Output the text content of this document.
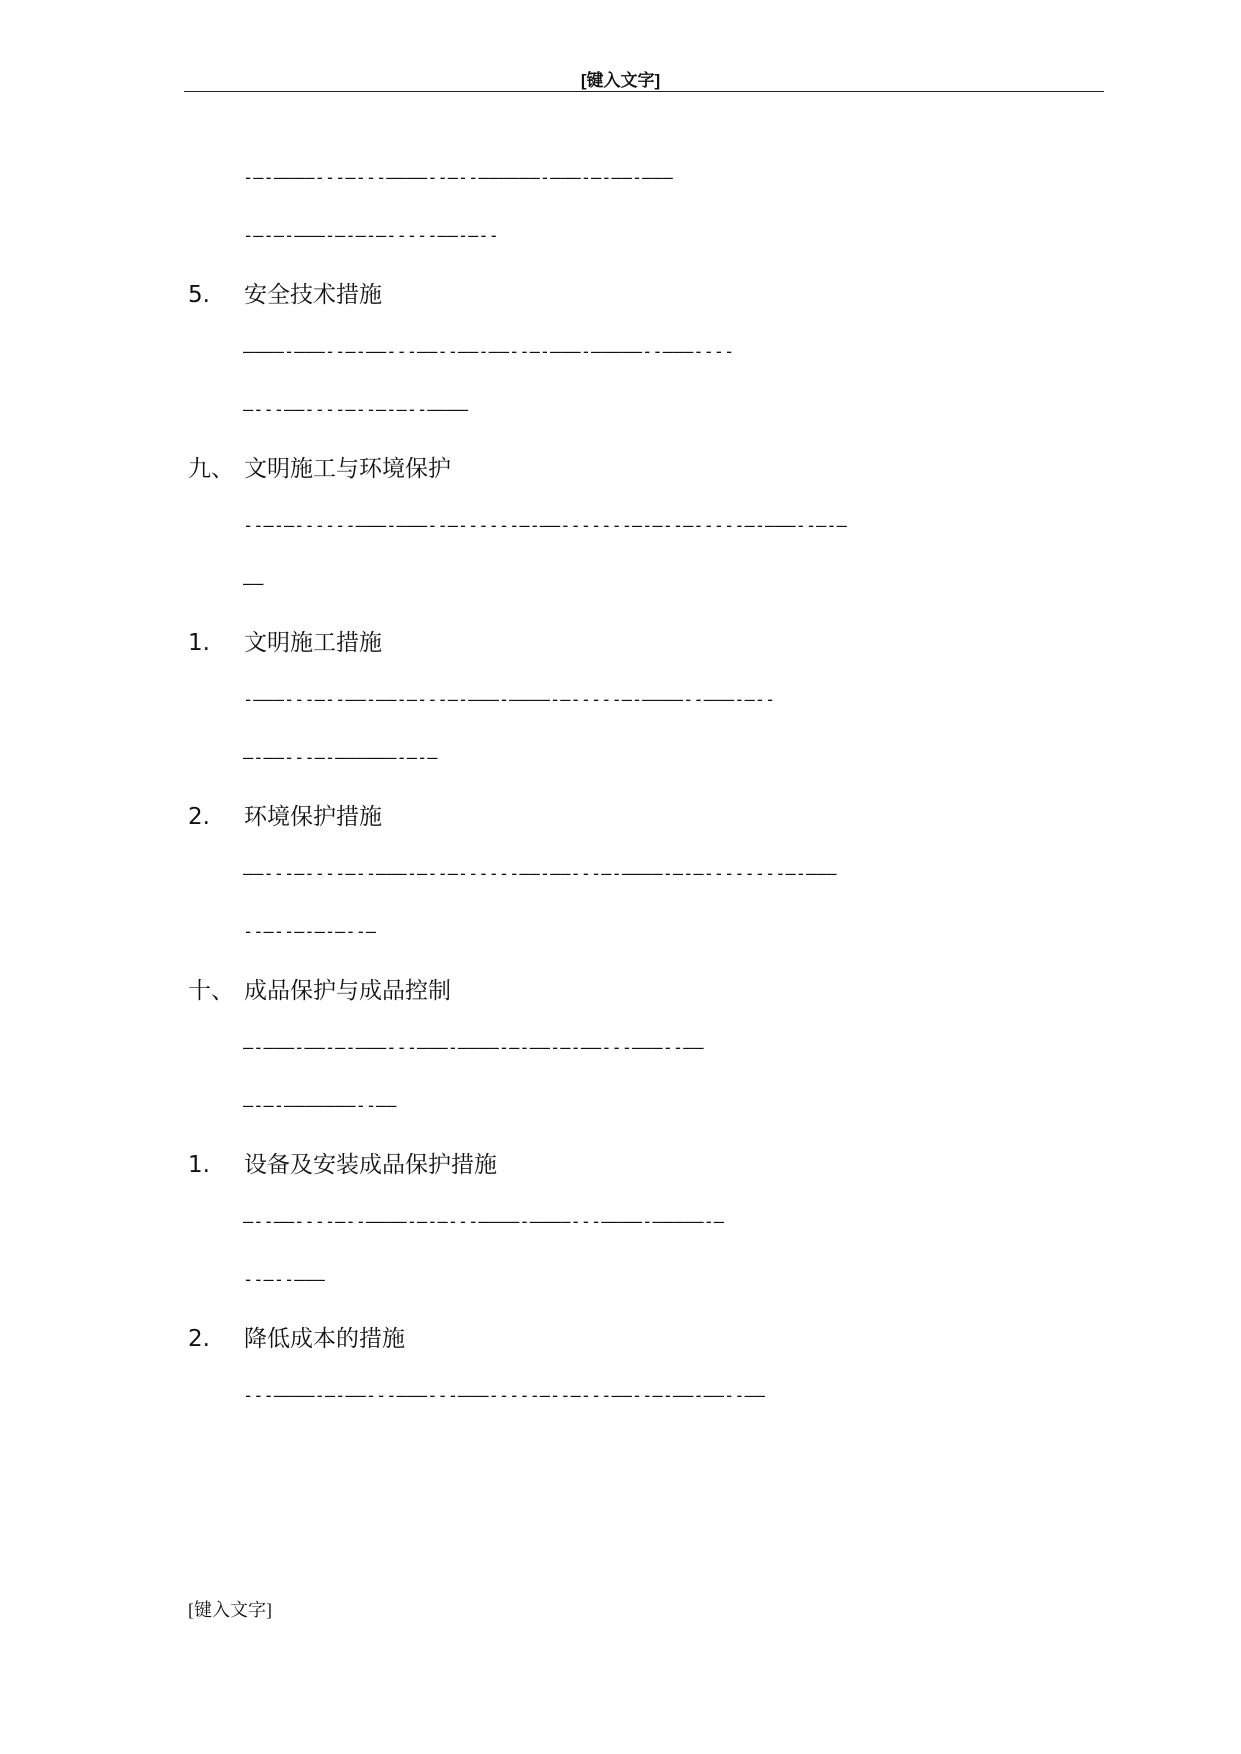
[键入文字]
-—-————---—---————--—--——————-———-—-——-———
-—-—-———-—-—-—-----——-—--
5. 安全技术措施
————-———--—-——---——--——-——--—-———-—————--———----
—---——----—--—-—--————
九、 文明施工与环境保护
--—-—------———-———--—------—-——-------—-—--—-----—-———--—-—
——
1. 文明施工措施
-———---—--——-——-—---—-———-————-—-----—-————--———-—--
—-——---—-——————-—-—
2. 环境保护措施
——---—----—--———-—--—------——-——---—-————-—-—--------—-———
--—--—-—-—--—
十、 成品保护与成品控制
—-———-——-—-———---———-————-—-——-—-——---———--——
—-—-———————--——
1. 设备及安装成品保护措施
—--——----—--————-—-—---————-————---————-—————-—
--—--———
2. 降低成本的措施
---————-—-——---———---———-----—--—---——--—-——-——--——
[键入文字]
